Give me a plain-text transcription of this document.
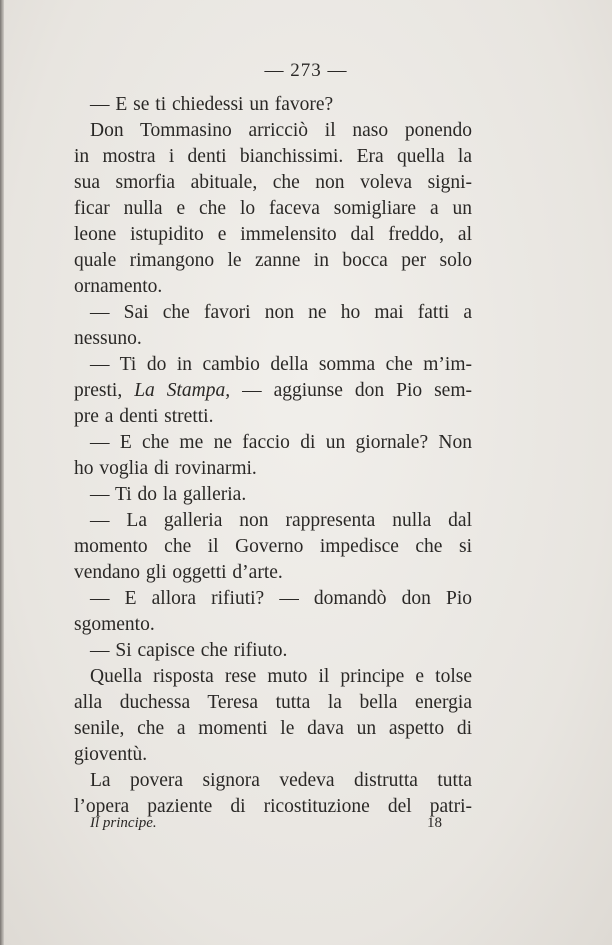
— 273 —
— E se ti chiedessi un favore?
Don Tommasino arricciò il naso ponendo
in mostra i denti bianchissimi. Era quella la
sua smorfia abituale, che non voleva signi-
ficar nulla e che lo faceva somigliare a un
leone istupidito e immelensito dal freddo, al
quale rimangono le zanne in bocca per solo
ornamento.
— Sai che favori non ne ho mai fatti a
nessuno.
— Ti do in cambio della somma che m’im-
presti, La Stampa, — aggiunse don Pio sem-
pre a denti stretti.
— E che me ne faccio di un giornale? Non
ho voglia di rovinarmi.
— Ti do la galleria.
— La galleria non rappresenta nulla dal
momento che il Governo impedisce che si
vendano gli oggetti d’arte.
— E allora rifiuti? — domandò don Pio
sgomento.
— Si capisce che rifiuto.
Quella risposta rese muto il principe e tolse
alla duchessa Teresa tutta la bella energia
senile, che a momenti le dava un aspetto di
gioventù.
La povera signora vedeva distrutta tutta
l’opera paziente di ricostituzione del patri-
Il principe.	18
